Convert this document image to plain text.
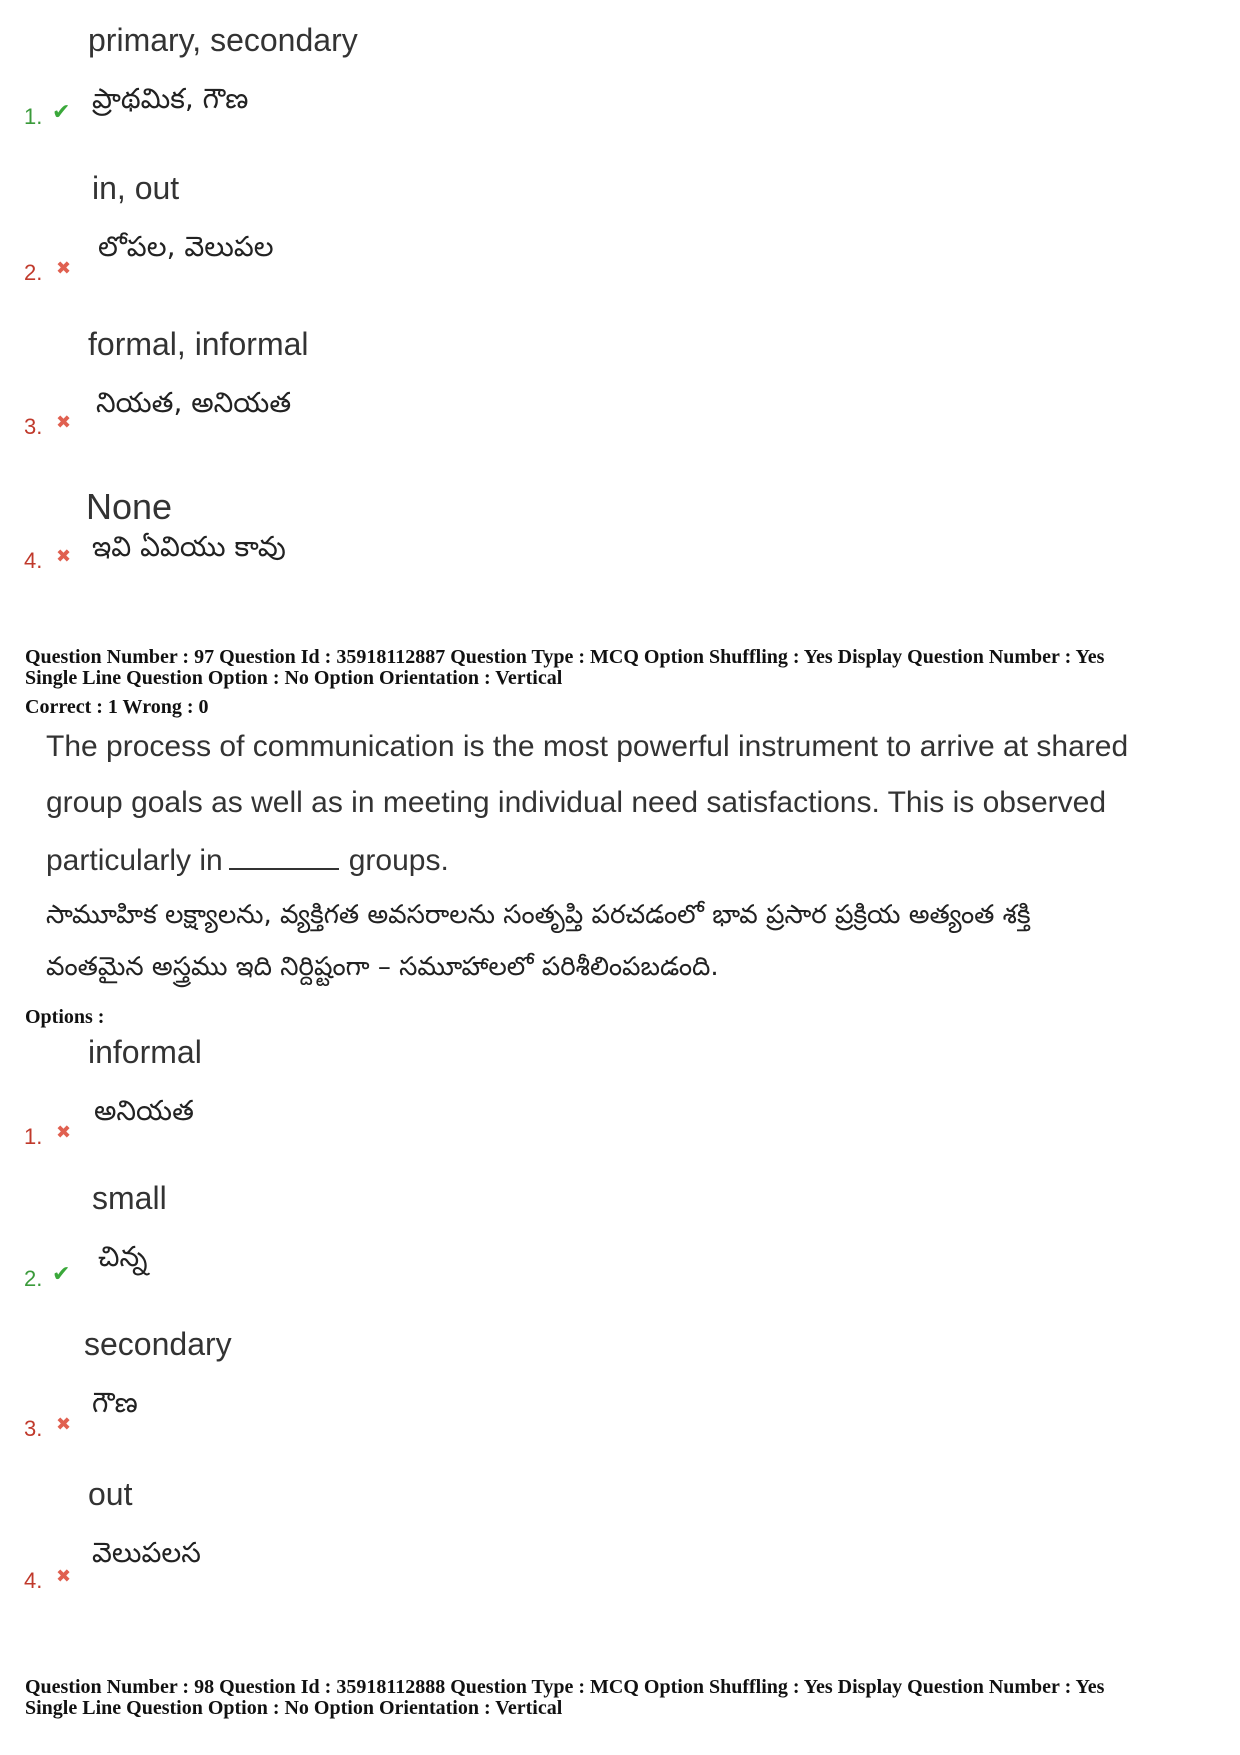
primary, secondary
ప్రాథమిక, గౌణ
1. ✔
in, out
లోపల, వెలుపల
2. ✖
formal, informal
నియత, అనియత
3. ✖
None
ఇవి ఏవియు కావు
4. ✖
Question Number : 97 Question Id : 35918112887 Question Type : MCQ Option Shuffling : Yes Display Question Number : Yes
Single Line Question Option : No Option Orientation : Vertical
Correct : 1 Wrong : 0
The process of communication is the most powerful instrument to arrive at shared
group goals as well as in meeting individual need satisfactions. This is observed
particularly in	groups.
సామూహిక లక్ష్యాలను, వ్యక్తిగత అవసరాలను సంతృప్తి పరచడంలో భావ ప్రసార ప్రక్రియ అత్యంత శక్తి
వంతమైన అస్త్రము ఇది నిర్దిష్టంగా – సమూహాలలో పరిశీలింపబడంది.
Options :
informal
అనియత
1. ✖
small
చిన్న
2. ✔
secondary
గౌణ
3. ✖
out
వెలుపలస
4. ✖
Question Number : 98 Question Id : 35918112888 Question Type : MCQ Option Shuffling : Yes Display Question Number : Yes
Single Line Question Option : No Option Orientation : Vertical
